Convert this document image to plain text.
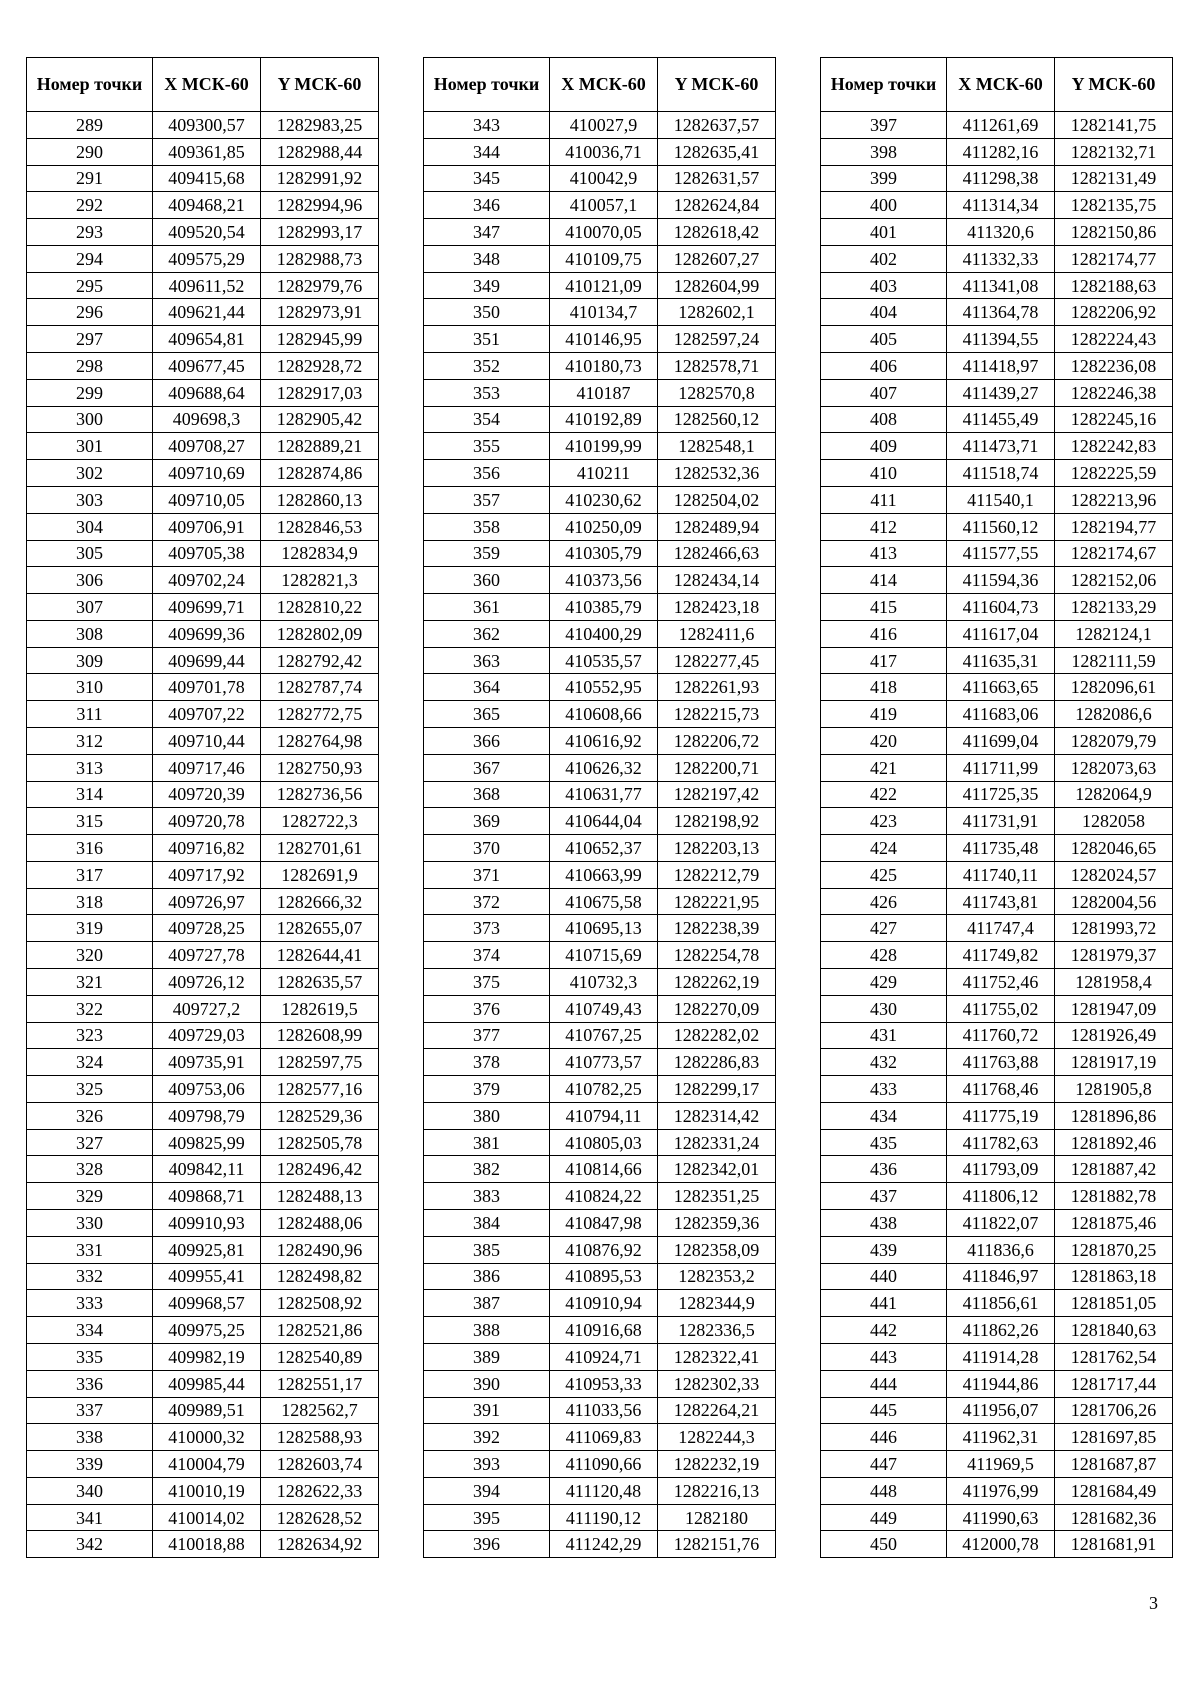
Номер точки	X МСК-60	Y МСК-60
289	409300,57	1282983,25
290	409361,85	1282988,44
291	409415,68	1282991,92
292	409468,21	1282994,96
293	409520,54	1282993,17
294	409575,29	1282988,73
295	409611,52	1282979,76
296	409621,44	1282973,91
297	409654,81	1282945,99
298	409677,45	1282928,72
299	409688,64	1282917,03
300	409698,3	1282905,42
301	409708,27	1282889,21
302	409710,69	1282874,86
303	409710,05	1282860,13
304	409706,91	1282846,53
305	409705,38	1282834,9
306	409702,24	1282821,3
307	409699,71	1282810,22
308	409699,36	1282802,09
309	409699,44	1282792,42
310	409701,78	1282787,74
311	409707,22	1282772,75
312	409710,44	1282764,98
313	409717,46	1282750,93
314	409720,39	1282736,56
315	409720,78	1282722,3
316	409716,82	1282701,61
317	409717,92	1282691,9
318	409726,97	1282666,32
319	409728,25	1282655,07
320	409727,78	1282644,41
321	409726,12	1282635,57
322	409727,2	1282619,5
323	409729,03	1282608,99
324	409735,91	1282597,75
325	409753,06	1282577,16
326	409798,79	1282529,36
327	409825,99	1282505,78
328	409842,11	1282496,42
329	409868,71	1282488,13
330	409910,93	1282488,06
331	409925,81	1282490,96
332	409955,41	1282498,82
333	409968,57	1282508,92
334	409975,25	1282521,86
335	409982,19	1282540,89
336	409985,44	1282551,17
337	409989,51	1282562,7
338	410000,32	1282588,93
339	410004,79	1282603,74
340	410010,19	1282622,33
341	410014,02	1282628,52
342	410018,88	1282634,92
Номер точки	X МСК-60	Y МСК-60
343	410027,9	1282637,57
344	410036,71	1282635,41
345	410042,9	1282631,57
346	410057,1	1282624,84
347	410070,05	1282618,42
348	410109,75	1282607,27
349	410121,09	1282604,99
350	410134,7	1282602,1
351	410146,95	1282597,24
352	410180,73	1282578,71
353	410187	1282570,8
354	410192,89	1282560,12
355	410199,99	1282548,1
356	410211	1282532,36
357	410230,62	1282504,02
358	410250,09	1282489,94
359	410305,79	1282466,63
360	410373,56	1282434,14
361	410385,79	1282423,18
362	410400,29	1282411,6
363	410535,57	1282277,45
364	410552,95	1282261,93
365	410608,66	1282215,73
366	410616,92	1282206,72
367	410626,32	1282200,71
368	410631,77	1282197,42
369	410644,04	1282198,92
370	410652,37	1282203,13
371	410663,99	1282212,79
372	410675,58	1282221,95
373	410695,13	1282238,39
374	410715,69	1282254,78
375	410732,3	1282262,19
376	410749,43	1282270,09
377	410767,25	1282282,02
378	410773,57	1282286,83
379	410782,25	1282299,17
380	410794,11	1282314,42
381	410805,03	1282331,24
382	410814,66	1282342,01
383	410824,22	1282351,25
384	410847,98	1282359,36
385	410876,92	1282358,09
386	410895,53	1282353,2
387	410910,94	1282344,9
388	410916,68	1282336,5
389	410924,71	1282322,41
390	410953,33	1282302,33
391	411033,56	1282264,21
392	411069,83	1282244,3
393	411090,66	1282232,19
394	411120,48	1282216,13
395	411190,12	1282180
396	411242,29	1282151,76
Номер точки	X МСК-60	Y МСК-60
397	411261,69	1282141,75
398	411282,16	1282132,71
399	411298,38	1282131,49
400	411314,34	1282135,75
401	411320,6	1282150,86
402	411332,33	1282174,77
403	411341,08	1282188,63
404	411364,78	1282206,92
405	411394,55	1282224,43
406	411418,97	1282236,08
407	411439,27	1282246,38
408	411455,49	1282245,16
409	411473,71	1282242,83
410	411518,74	1282225,59
411	411540,1	1282213,96
412	411560,12	1282194,77
413	411577,55	1282174,67
414	411594,36	1282152,06
415	411604,73	1282133,29
416	411617,04	1282124,1
417	411635,31	1282111,59
418	411663,65	1282096,61
419	411683,06	1282086,6
420	411699,04	1282079,79
421	411711,99	1282073,63
422	411725,35	1282064,9
423	411731,91	1282058
424	411735,48	1282046,65
425	411740,11	1282024,57
426	411743,81	1282004,56
427	411747,4	1281993,72
428	411749,82	1281979,37
429	411752,46	1281958,4
430	411755,02	1281947,09
431	411760,72	1281926,49
432	411763,88	1281917,19
433	411768,46	1281905,8
434	411775,19	1281896,86
435	411782,63	1281892,46
436	411793,09	1281887,42
437	411806,12	1281882,78
438	411822,07	1281875,46
439	411836,6	1281870,25
440	411846,97	1281863,18
441	411856,61	1281851,05
442	411862,26	1281840,63
443	411914,28	1281762,54
444	411944,86	1281717,44
445	411956,07	1281706,26
446	411962,31	1281697,85
447	411969,5	1281687,87
448	411976,99	1281684,49
449	411990,63	1281682,36
450	412000,78	1281681,91
3
